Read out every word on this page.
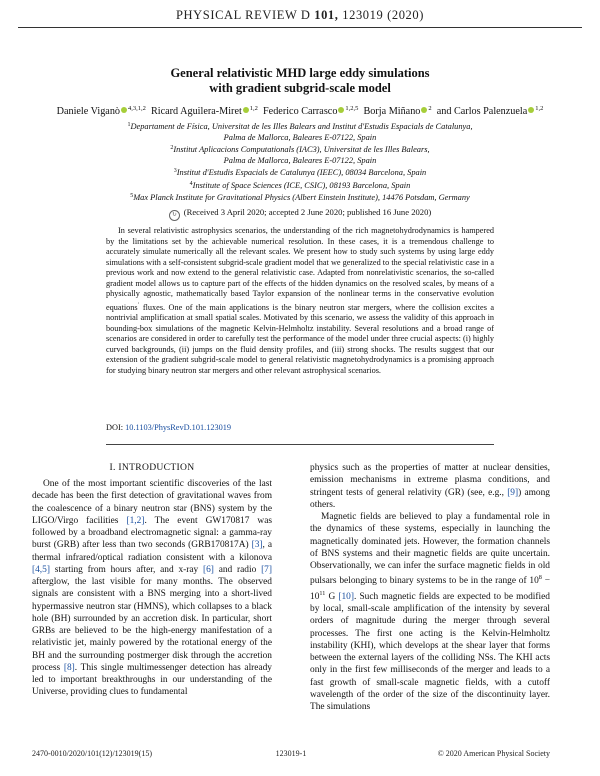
PHYSICAL REVIEW D 101, 123019 (2020)
General relativistic MHD large eddy simulations
with gradient subgrid-scale model
Daniele Viganò $^{4,3,1,2}$ Ricard Aguilera-Miret $^{1,2}$ Federico Carrasco $^{1,2,5}$ Borja Miñano $^2$ and Carlos Palenzuela $^{1,2}$
$^1$Departament de Física, Universitat de les Illes Balears and Institut d'Estudis Espacials de Catalunya,
Palma de Mallorca, Baleares E-07122, Spain
$^2$Institut Aplicacions Computationals (IAC3), Universitat de les Illes Balears,
Palma de Mallorca, Baleares E-07122, Spain
$^3$Institut d'Estudis Espacials de Catalunya (IEEC), 08034 Barcelona, Spain
$^4$Institute of Space Sciences (ICE, CSIC), 08193 Barcelona, Spain
$^5$Max Planck Institute for Gravitational Physics (Albert Einstein Institute), 14476 Potsdam, Germany
↻ (Received 3 April 2020; accepted 2 June 2020; published 16 June 2020)
In several relativistic astrophysics scenarios, the understanding of the rich magnetohydrodynamics is hampered by the limitations set by the achievable numerical resolution. In these cases, it is a tremendous challenge to accurately simulate numerically all the relevant scales. We present how to study such systems by using large eddy simulations with a self-consistent subgrid-scale gradient model that we generalized to the special relativistic case in a previous work and now extend to the general relativistic case. Adapted from nonrelativistic scenarios, the so-called gradient model allows us to capture part of the effects of the hidden dynamics on the resolved scales, by means of a physically agnostic, mathematically based Taylor expansion of the nonlinear terms in the conservative evolution equations’ fluxes. One of the main applications is the binary neutron star mergers, where the collision excites a nontrivial amplification at small spatial scales. Motivated by this scenario, we assess the validity of this approach in bounding-box simulations of the magnetic Kelvin-Helmholtz instability. Several resolutions and a broad range of scenarios are considered in order to carefully test the performance of the model under three crucial aspects: (i) highly curved backgrounds, (ii) jumps on the fluid density profiles, and (iii) strong shocks. The results suggest that our extension of the gradient subgrid-scale model to general relativistic magnetohydrodynamics is a promising approach for studying binary neutron star mergers and other relevant astrophysical scenarios.
DOI: 10.1103/PhysRevD.101.123019
I. INTRODUCTION

One of the most important scientific discoveries of the last decade has been the first detection of gravitational waves from the coalescence of a binary neutron star (BNS) system by the LIGO/Virgo facilities [1,2]. The event GW170817 was followed by a broadband electromagnetic signal: a gamma-ray burst (GRB) after less than two seconds (GRB170817A) [3], a thermal infrared/optical radiation consistent with a kilonova [4,5] starting from hours after, and x-ray [6] and radio [7] afterglow, the last visible for many months. The observed signals are consistent with a BNS merging into a short-lived hypermassive neutron star (HMNS), which collapses to a black hole (BH) surrounded by an accretion disk. In particular, short GRBs are believed to be the high-energy manifestation of a relativistic jet, mainly powered by the rotational energy of the BH and the surrounding postmerger disk through the accretion process [8]. This single multimessenger detection has already led to important breakthroughs in our understanding of the Universe, providing clues to fundamental

physics such as the properties of matter at nuclear densities, emission mechanisms in extreme plasma conditions, and stringent tests of general relativity (GR) (see, e.g., [9]) among others.

Magnetic fields are believed to play a fundamental role in the dynamics of these systems, especially in launching the magnetically dominated jets. However, the formation channels of BNS systems and their magnetic fields are quite uncertain. Observationally, we can infer the surface magnetic fields in old pulsars belonging to binary systems to be in the range of $10^8 - 10^{11}$ G [10]. Such magnetic fields are expected to be modified by local, small-scale amplification of the intensity by several orders of magnitude during the merger through several processes. The first one acting is the Kelvin-Helmholtz instability (KHI), which develops at the shear layer that forms between the external layers of the colliding NSs. The KHI acts only in the first few milliseconds of the merger and leads to a fast growth of small-scale magnetic fields, with a cutoff wavelength of the order of the size of the discontinuity layer. The simulations

2470-0010/2020/101(12)/123019(15)	123019-1	© 2020 American Physical Society
